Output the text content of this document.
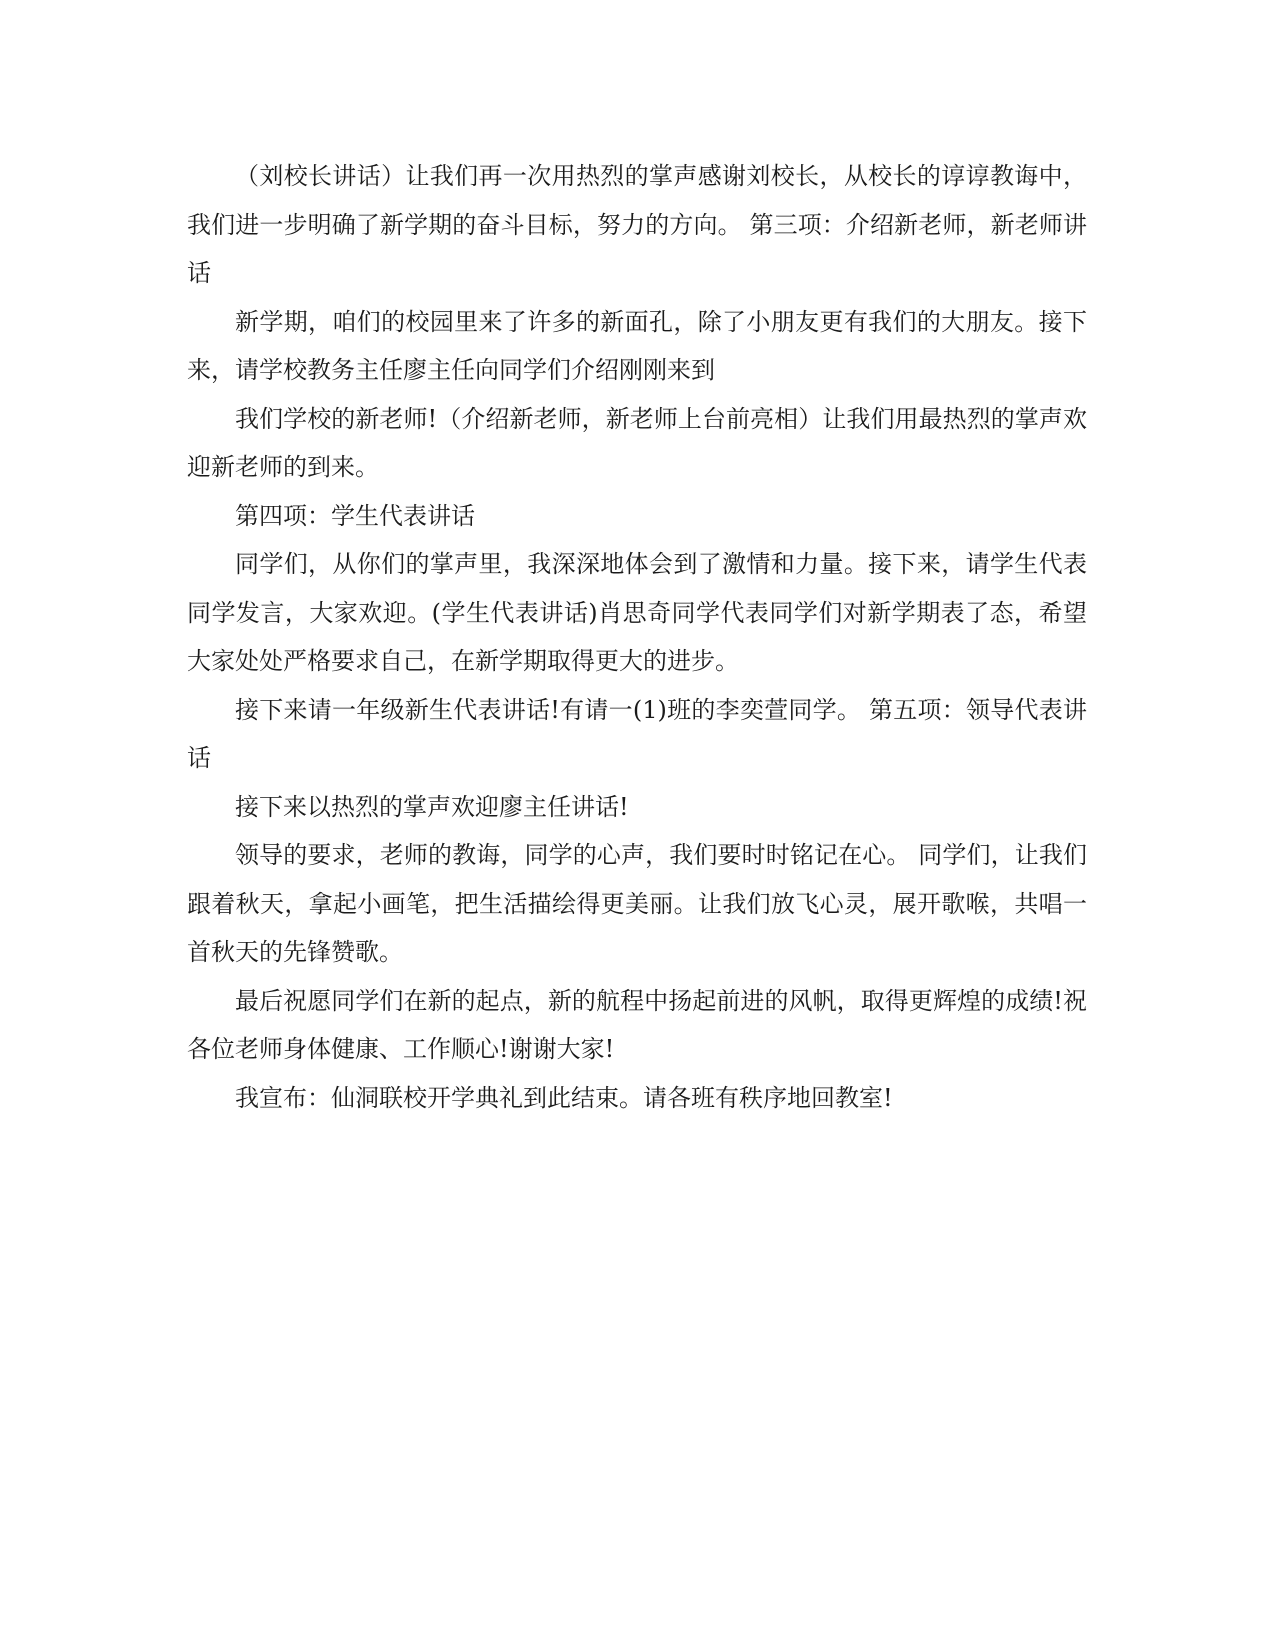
（刘校长讲话）让我们再一次用热烈的掌声感谢刘校长，从校长的谆谆教诲中，我们进一步明确了新学期的奋斗目标，努力的方向。 第三项：介绍新老师，新老师讲话

新学期，咱们的校园里来了许多的新面孔，除了小朋友更有我们的大朋友。接下来，请学校教务主任廖主任向同学们介绍刚刚来到

我们学校的新老师!（介绍新老师，新老师上台前亮相）让我们用最热烈的掌声欢迎新老师的到来。

第四项：学生代表讲话

同学们，从你们的掌声里，我深深地体会到了激情和力量。接下来，请学生代表 同学发言，大家欢迎。(学生代表讲话)肖思奇同学代表同学们对新学期表了态，希望大家处处严格要求自己，在新学期取得更大的进步。

接下来请一年级新生代表讲话!有请一(1)班的李奕萱同学。 第五项：领导代表讲话

接下来以热烈的掌声欢迎廖主任讲话!

领导的要求，老师的教诲，同学的心声，我们要时时铭记在心。 同学们，让我们跟着秋天，拿起小画笔，把生活描绘得更美丽。让我们放飞心灵，展开歌喉，共唱一首秋天的先锋赞歌。

最后祝愿同学们在新的起点，新的航程中扬起前进的风帆，取得更辉煌的成绩!祝各位老师身体健康、工作顺心!谢谢大家!

我宣布：仙洞联校开学典礼到此结束。请各班有秩序地回教室!
